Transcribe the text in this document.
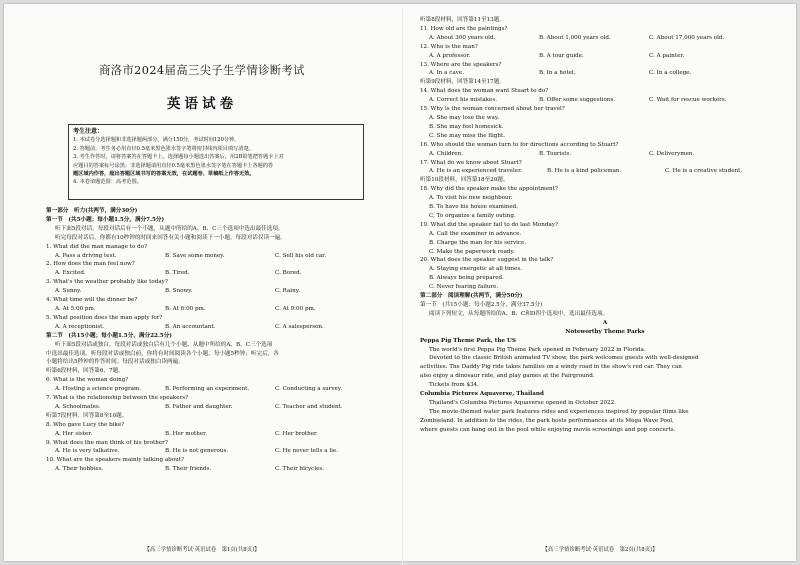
商洛市2024届高三尖子生学情诊断考试
英语试卷
考生注意：
1. 本试卷分选择题和非选择题两部分。满分150分，考试时间120分钟。
2. 答题前，考生务必用直径0.5毫米黑色墨水签字笔将密封线内项目填写清楚。
3. 考生作答时，请将答案答在答题卡上。选择题每小题选出答案后，用2B铅笔把答题卡上对
应题目的答案标号涂黑；非选择题请用直径0.5毫米黑色墨水签字笔在答题卡上各题的答
题区域内作答，超出答题区域书写的答案无效，在试题卷、草稿纸上作答无效。
4. 本卷命题范围：高考范围。
第一部分　听力(共两节，满分30分)
第一节　(共5小题；每小题1.5分，满分7.5分)
听下面5段对话。每段对话后有一个小题，从题中所给的A、B、C三个选项中选出最佳选项。
听完每段对话后，你都有10秒钟的时间来回答有关小题和阅读下一小题。每段对话仅读一遍。
1. What did the man manage to do?
A. Pass a driving test.	B. Save some money.	C. Sell his old car.
2. How does the man feel now?
A. Excited.	B. Tired.	C. Bored.
3. What's the weather probably like today?
A. Sunny.	B. Snowy.	C. Rainy.
4. What time will the dinner be?
A. At 5:00 pm.	B. At 6:00 pm.	C. At 9:00 pm.
5. What position does the man apply for?
A. A receptionist.	B. An accountant.	C. A salesperson.
第二节　(共15小题；每小题1.5分，满分22.5分)
听下面5段对话或独白。每段对话或独白后有几个小题，从题中所给的A、B、C三个选项
中选出最佳选项。听每段对话或独白前，你将有时间阅读各个小题，每小题5秒钟；听完后，各
小题将给出5秒钟的作答时间。每段对话或独白读两遍。
听第6段材料，回答第6、7题。
6. What is the woman doing?
A. Hosting a science program.	B. Performing an experiment.	C. Conducting a survey.
7. What is the relationship between the speakers?
A. Schoolmates.	B. Father and daughter.	C. Teacher and student.
听第7段材料，回答第8至10题。
8. Who gave Lucy the bike?
A. Her sister.	B. Her mother.	C. Her brother.
9. What does the man think of his brother?
A. He is very talkative.	B. He is not generous.	C. He never tells a lie.
10. What are the speakers mainly talking about?
A. Their hobbies.	B. Their friends.	C. Their bicycles.
【高三学情诊断考试·英语试卷　第1页(共8页)】
听第8段材料，回答第11至13题。
11. How old are the paintings?
A. About 300 years old.	B. About 1,000 years old.	C. About 17,000 years old.
12. Who is the man?
A. A professor.	B. A tour guide.	C. A painter.
13. Where are the speakers?
A. In a cave.	B. In a hotel.	C. In a college.
听第9段材料，回答第14至17题。
14. What does the woman want Stuart to do?
A. Correct his mistakes.	B. Offer some suggestions.	C. Wait for rescue workers.
15. Why is the woman concerned about her travel?
A. She may lose the way.
B. She may feel homesick.
C. She may miss the flight.
16. Who should the woman turn to for directions according to Stuart?
A. Children.	B. Tourists.	C. Deliverymen.
17. What do we know about Stuart?
A. He is an experienced traveler.	B. He is a kind policeman.	C. He is a creative student.
听第10段材料，回答第18至20题。
18. Why did the speaker make the appointment?
A. To visit his new neighbour.
B. To have his house examined.
C. To organize a family outing.
19. What did the speaker fail to do last Monday?
A. Call the examiner in advance.
B. Charge the man for his service.
C. Make the paperwork ready.
20. What does the speaker suggest in the talk?
A. Staying energetic at all times.
B. Always being prepared.
C. Never fearing failure.
第二部分　阅读理解(共两节，满分50分)
第一节　(共15小题；每小题2.5分，满分37.5分)
阅读下列短文，从每题所给的A、B、C和D四个选项中，选出最佳选项。
A
Noteworthy Theme Parks
Peppa Pig Theme Park, the US
The world's first Peppa Pig Theme Park opened in February 2022 in Florida.
Devoted to the classic British animated TV show, the park welcomes guests with well-designed
activities. The Daddy Pig ride takes families on a windy road in the show's red car. They can
also enjoy a dinosaur ride, and play games at the Fairground.
Tickets from $34.
Columbia Pictures Aquaverse, Thailand
Thailand's Columbia Pictures Aquaverse opened in October 2022.
The movie-themed water park features rides and experiences inspired by popular films like
Zombieland. In addition to the rides, the park hosts performances at its Mega Wave Pool,
where guests can hang out in the pool while enjoying movie screenings and pop concerts.
【高三学情诊断考试·英语试卷　第2页(共8页)】
